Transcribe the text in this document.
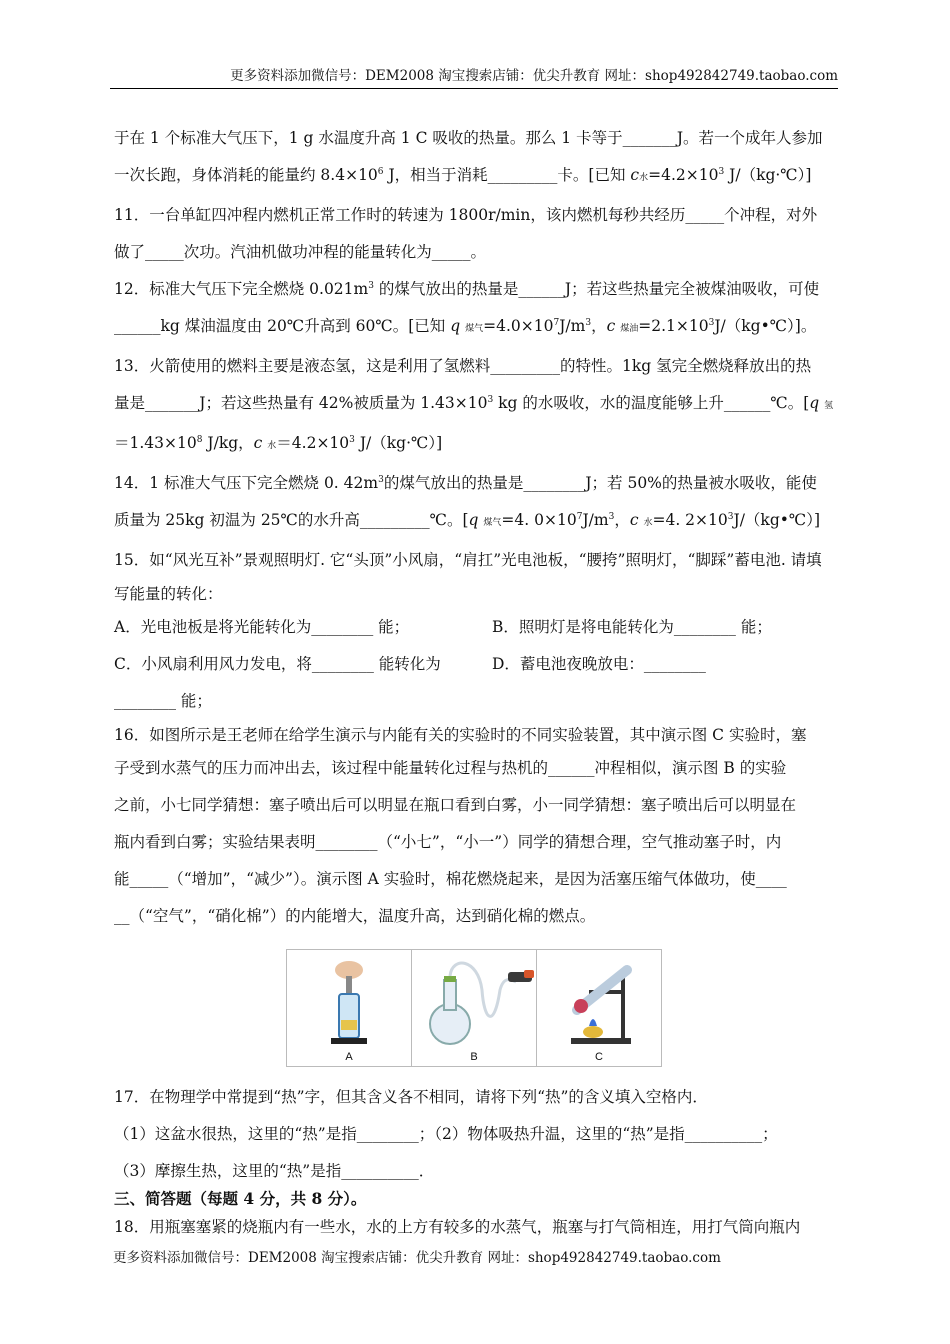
更多资料添加微信号：DEM2008 淘宝搜索店铺：优尖升教育 网址：shop492842749.taobao.com

于在 1 个标准大气压下，1 g 水温度升高 1 C 吸收的热量。那么 1 卡等于_______J。若一个成年人参加

一次长跑，身体消耗的能量约 $8.4\times 10^6$ J，相当于消耗_________卡。[已知 c水$=4.2\times 10^3$ J/（kg·℃）]

11．一台单缸四冲程内燃机正常工作时的转速为 1800r/min，该内燃机每秒共经历_____个冲程，对外

做了_____次功。汽油机做功冲程的能量转化为_____。

12．标准大气压下完全燃烧 $0.021m^3$ 的煤气放出的热量是______J；若这些热量完全被煤油吸收，可使

______kg 煤油温度由 20℃升高到 60℃。[已知 q 煤气$=4.0\times 10^7J/m^3$，c 煤油$=2.1\times 10^3J/(kg•℃)$]。

13．火箭使用的燃料主要是液态氢，这是利用了氢燃料_________的特性。1kg 氢完全燃烧释放出的热

量是_______J；若这些热量有 42%被质量为 $1.43\times 10^3$ kg 的水吸收，水的温度能够上升______℃。[q 氢

$=1.43\times 10^8$ J/kg，c 水$=4.2\times 10^3$ J/（kg·℃）]

14．1 标准大气压下完全燃烧 0. $42m^3$的煤气放出的热量是________J；若 50%的热量被水吸收，能使

质量为 25kg 初温为 25℃的水升高_________℃。[q 煤气=4. $0\times 10^7J/m^3$，c 水=4. $2\times 10^3J/(kg•℃)$]

15．如“风光互补”景观照明灯. 它“头顶”小风扇，“肩扛”光电池板，“腰挎”照明灯，“脚踩”蓄电池. 请填

写能量的转化：

A．光电池板是将光能转化为________ 能；	B．照明灯是将电能转化为________ 能；
C．小风扇利用风力发电，将________ 能转化为________ 能；
D．蓄电池夜晚放电：________

16．如图所示是王老师在给学生演示与内能有关的实验时的不同实验装置，其中演示图 C 实验时，塞

子受到水蒸气的压力而冲出去，该过程中能量转化过程与热机的______冲程相似，演示图 B 的实验

之前，小七同学猜想：塞子喷出后可以明显在瓶口看到白雾，小一同学猜想：塞子喷出后可以明显在

瓶内看到白雾；实验结果表明________（“小七”，“小一”）同学的猜想合理，空气推动塞子时，内

能_____（“增加”，“减少”）。演示图 A 实验时，棉花燃烧起来，是因为活塞压缩气体做功，使____

__（“空气”，“硝化棉”）的内能增大，温度升高，达到硝化棉的燃点。

A	B	C

17．在物理学中常提到“热”字，但其含义各不相同，请将下列“热”的含义填入空格内．

（1）这盆水很热，这里的“热”是指________；（2）物体吸热升温，这里的“热”是指__________；

（3）摩擦生热，这里的“热”是指__________．

三、简答题（每题 4 分，共 8 分）。

18．用瓶塞塞紧的烧瓶内有一些水，水的上方有较多的水蒸气，瓶塞与打气筒相连，用打气筒向瓶内

更多资料添加微信号：DEM2008 淘宝搜索店铺：优尖升教育 网址：shop492842749.taobao.com
